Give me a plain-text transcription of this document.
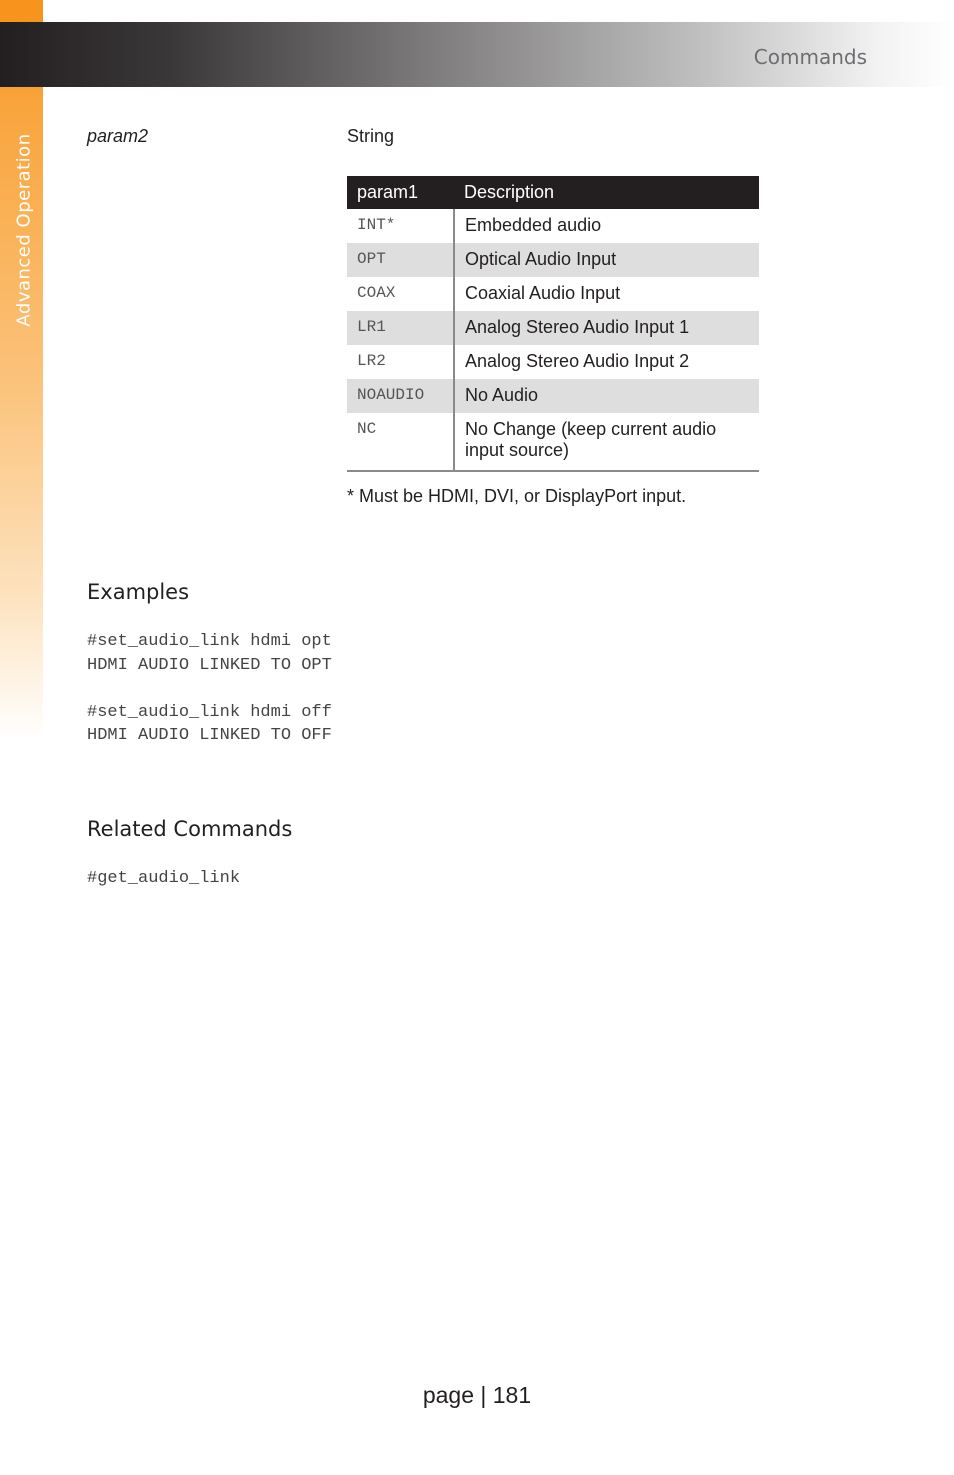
Advanced Operation
Commands
param2	String
param1	Description
INT*	Embedded audio
OPT	Optical Audio Input
COAX	Coaxial Audio Input
LR1	Analog Stereo Audio Input 1
LR2	Analog Stereo Audio Input 2
NOAUDIO	No Audio
NC	No Change (keep current audio input source)
* Must be HDMI, DVI, or DisplayPort input.
Examples
#set_audio_link hdmi opt
HDMI AUDIO LINKED TO OPT
#set_audio_link hdmi off
HDMI AUDIO LINKED TO OFF
Related Commands
#get_audio_link
page | 181
